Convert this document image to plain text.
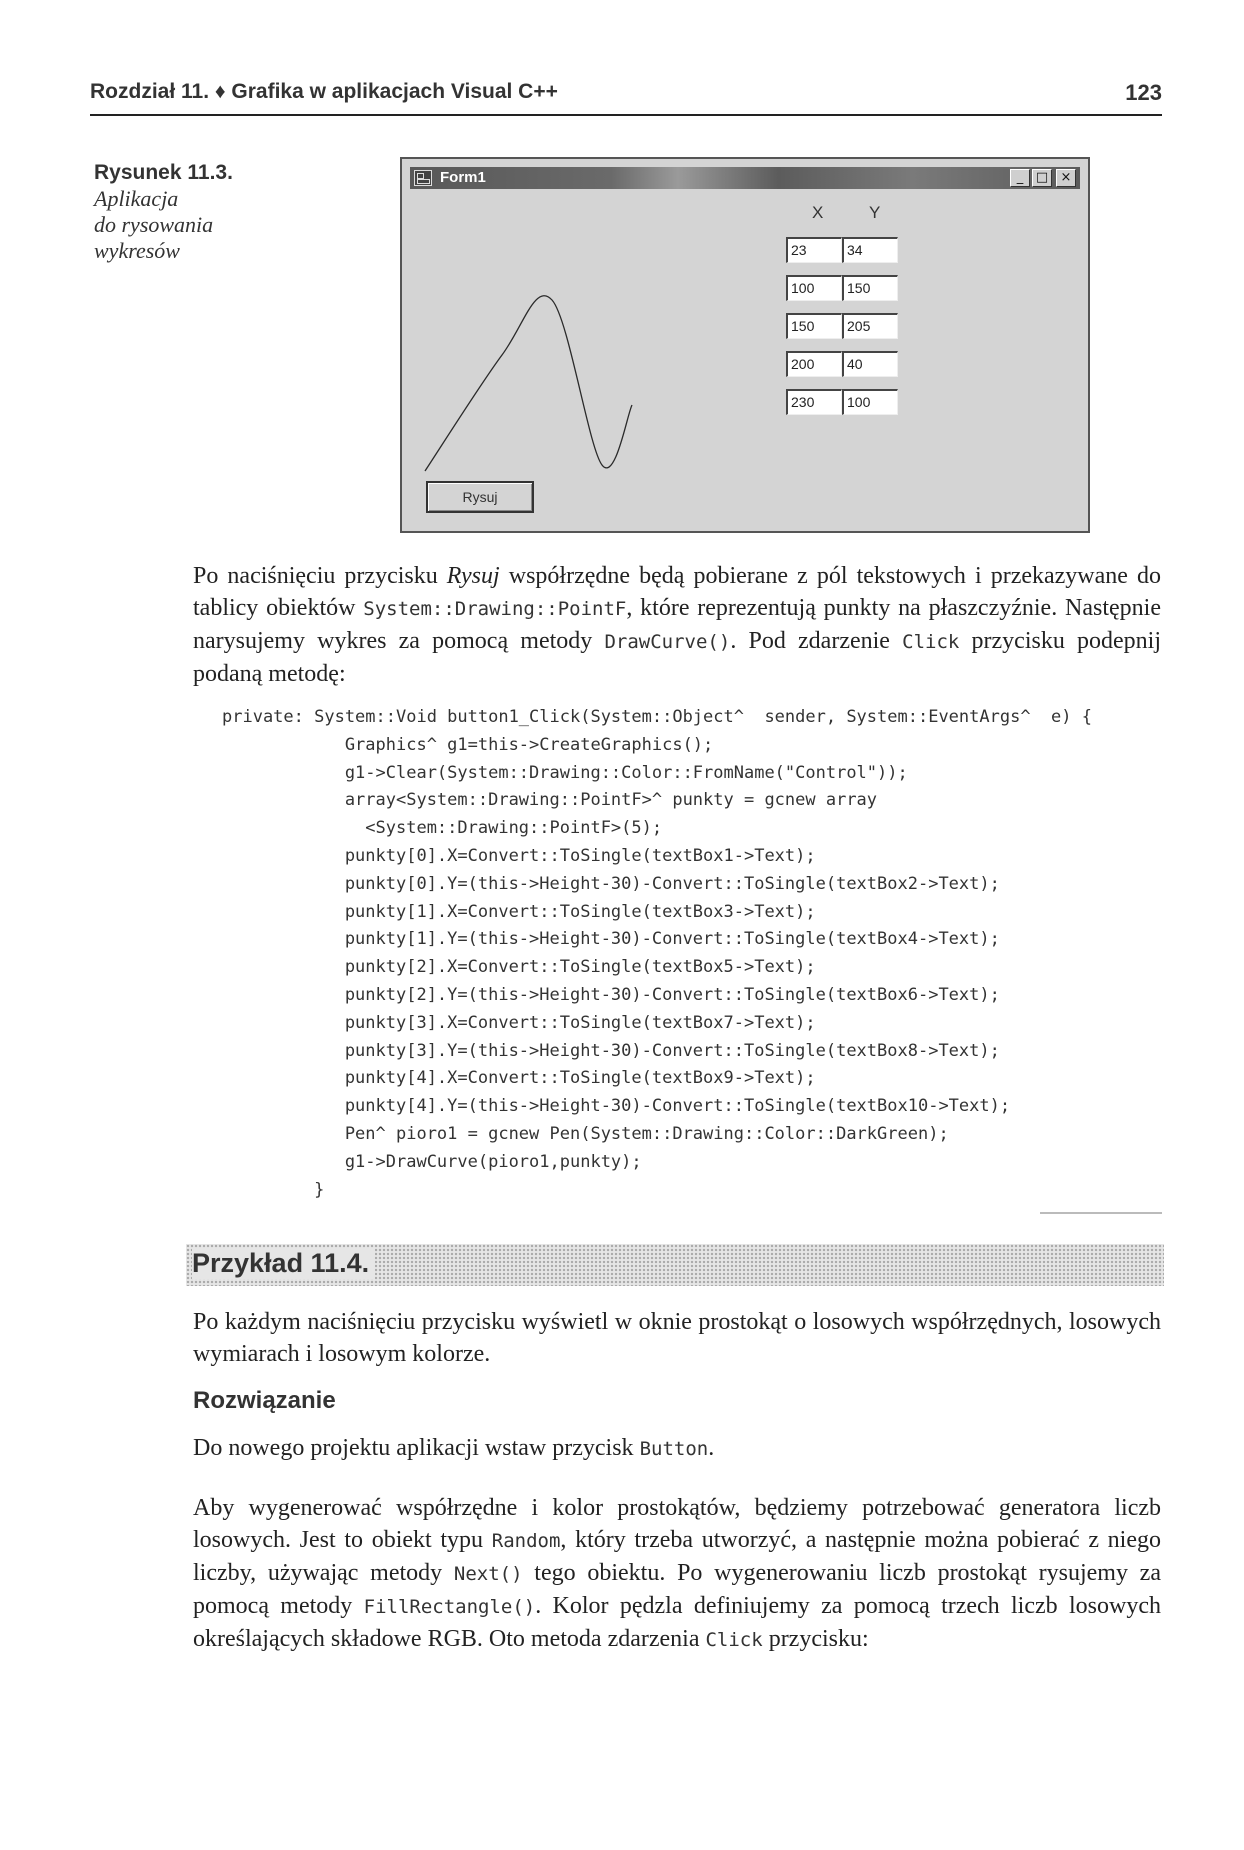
Rozdział 11. ♦ Grafika w aplikacjach Visual C++	123
Rysunek 11.3.
Aplikacja
do rysowania
wykresów
Form1	_ □ ×
X	Y
23	34
100	150
150	205
200	40
230	100
Rysuj

Po naciśnięciu przycisku Rysuj współrzędne będą pobierane z pól tekstowych i przekazywane do tablicy obiektów System::Drawing::PointF, które reprezentują punkty na płaszczyźnie. Następnie narysujemy wykres za pomocą metody DrawCurve(). Pod zdarzenie Click przycisku podepnij podaną metodę:

private: System::Void button1_Click(System::Object^  sender, System::EventArgs^  e) {
Graphics^ g1=this->CreateGraphics();
g1->Clear(System::Drawing::Color::FromName("Control"));
array<System::Drawing::PointF>^ punkty = gcnew array
<System::Drawing::PointF>(5);
punkty[0].X=Convert::ToSingle(textBox1->Text);
punkty[0].Y=(this->Height-30)-Convert::ToSingle(textBox2->Text);
punkty[1].X=Convert::ToSingle(textBox3->Text);
punkty[1].Y=(this->Height-30)-Convert::ToSingle(textBox4->Text);
punkty[2].X=Convert::ToSingle(textBox5->Text);
punkty[2].Y=(this->Height-30)-Convert::ToSingle(textBox6->Text);
punkty[3].X=Convert::ToSingle(textBox7->Text);
punkty[3].Y=(this->Height-30)-Convert::ToSingle(textBox8->Text);
punkty[4].X=Convert::ToSingle(textBox9->Text);
punkty[4].Y=(this->Height-30)-Convert::ToSingle(textBox10->Text);
Pen^ pioro1 = gcnew Pen(System::Drawing::Color::DarkGreen);
g1->DrawCurve(pioro1,punkty);
}
Przykład 11.4.

Po każdym naciśnięciu przycisku wyświetl w oknie prostokąt o losowych współrzędnych, losowych wymiarach i losowym kolorze.

Rozwiązanie

Do nowego projektu aplikacji wstaw przycisk Button.

Aby wygenerować współrzędne i kolor prostokątów, będziemy potrzebować generatora liczb losowych. Jest to obiekt typu Random, który trzeba utworzyć, a następnie można pobierać z niego liczby, używając metody Next() tego obiektu. Po wygenerowaniu liczb prostokąt rysujemy za pomocą metody FillRectangle(). Kolor pędzla definiujemy za pomocą trzech liczb losowych określających składowe RGB. Oto metoda zdarzenia Click przycisku:
